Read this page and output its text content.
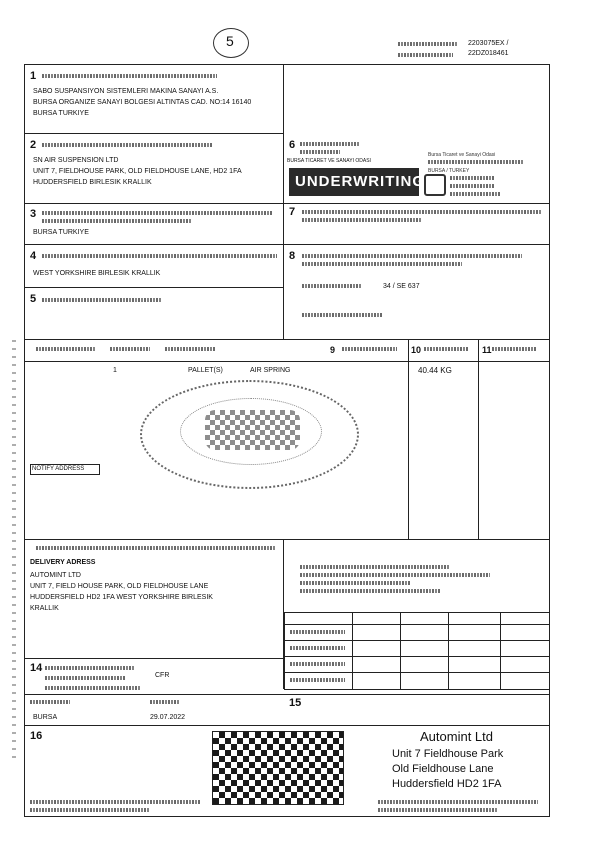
5	2203075EX /
22DZ018461
1
SABO SUSPANSIYON SISTEMLERI MAKINA SANAYI A.S.
BURSA ORGANIZE SANAYI BOLGESI ALTINTAS CAD. NO:14 16140
BURSA TURKIYE
2
SN AIR SUSPENSION LTD
UNIT 7, FIELDHOUSE PARK, OLD FIELDHOUSE LANE, HD2 1FA
HUDDERSFIELD BIRLESIK KRALLIK
3
BURSA TURKIYE
4
WEST YORKSHIRE BIRLESIK KRALLIK
5
6
BURSA TICARET VE SANAYI ODASI
Bursa Ticaret ve Sanayi Odasi
BURSA / TURKEY
UNDERWRITING
7
8
34 / SE 637
9	10	11
1	PALLET(S)	AIR SPRING	40.44 KG
NOTIFY ADDRESS
DELIVERY ADRESS
AUTOMINT LTD
UNIT 7, FIELD HOUSE PARK, OLD FIELDHOUSE LANE
HUDDERSFIELD HD2 1FA WEST YORKSHIRE BIRLESIK
KRALLIK
14
CFR
15
BURSA	29.07.2022
16	Automint Ltd
Unit 7 Fieldhouse Park
Old Fieldhouse Lane
Huddersfield HD2 1FA
